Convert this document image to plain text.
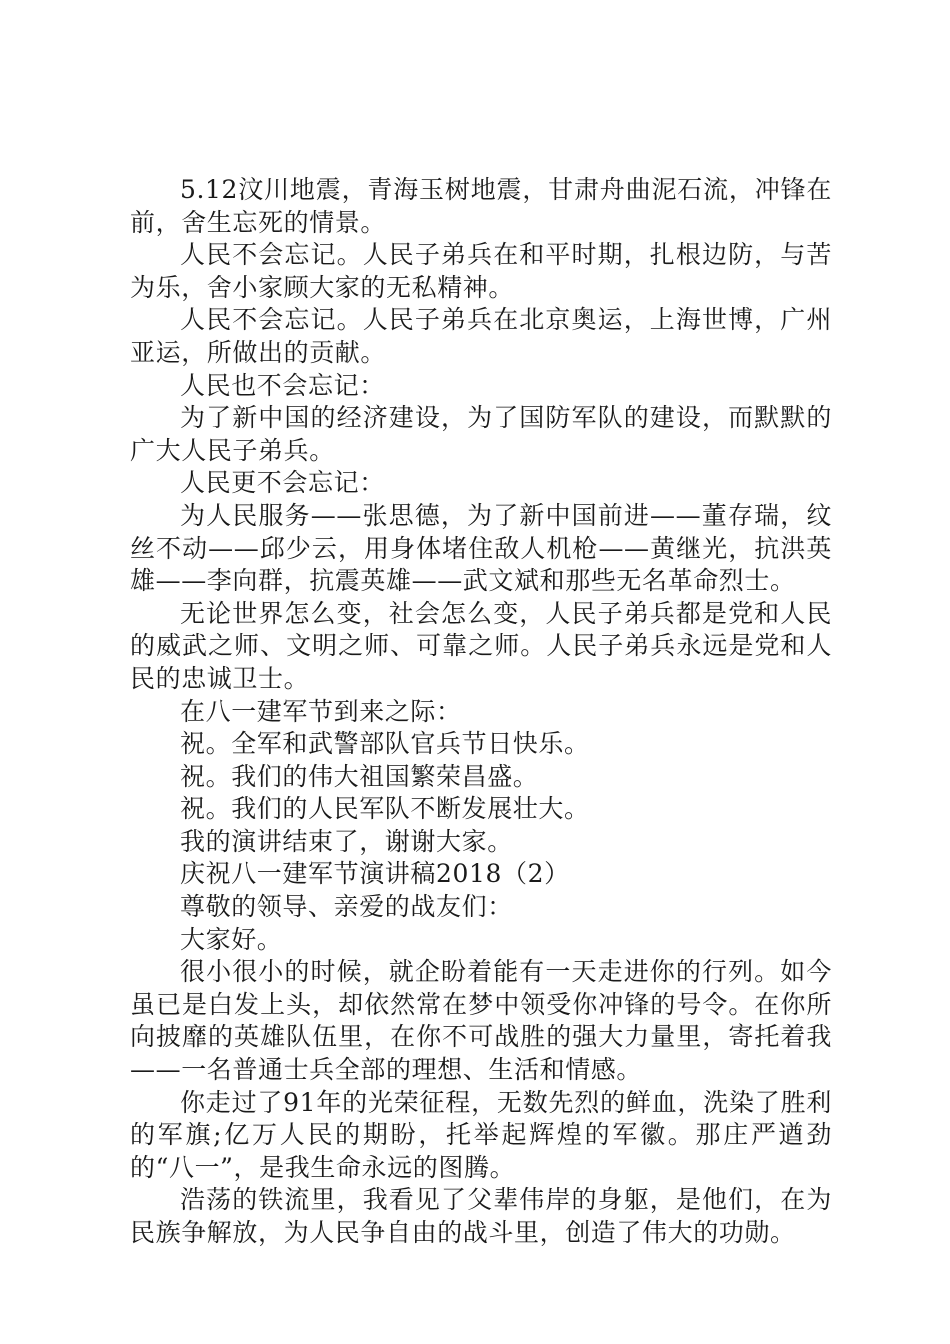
5.12汶川地震，青海玉树地震，甘肃舟曲泥石流，冲锋在前，舍生忘死的情景。

人民不会忘记。人民子弟兵在和平时期，扎根边防，与苦为乐，舍小家顾大家的无私精神。

人民不会忘记。人民子弟兵在北京奥运，上海世博，广州亚运，所做出的贡献。

人民也不会忘记：

为了新中国的经济建设，为了国防军队的建设，而默默的广大人民子弟兵。

人民更不会忘记：

为人民服务——张思德，为了新中国前进——董存瑞，纹丝不动——邱少云，用身体堵住敌人机枪——黄继光，抗洪英雄——李向群，抗震英雄——武文斌和那些无名革命烈士。

无论世界怎么变，社会怎么变，人民子弟兵都是党和人民的威武之师、文明之师、可靠之师。人民子弟兵永远是党和人民的忠诚卫士。

在八一建军节到来之际：

祝。全军和武警部队官兵节日快乐。

祝。我们的伟大祖国繁荣昌盛。

祝。我们的人民军队不断发展壮大。

我的演讲结束了，谢谢大家。

庆祝八一建军节演讲稿2018（2）

尊敬的领导、亲爱的战友们：

大家好。

很小很小的时候，就企盼着能有一天走进你的行列。如今虽已是白发上头，却依然常在梦中领受你冲锋的号令。在你所向披靡的英雄队伍里，在你不可战胜的强大力量里，寄托着我——一名普通士兵全部的理想、生活和情感。

你走过了91年的光荣征程，无数先烈的鲜血，洗染了胜利的军旗;亿万人民的期盼，托举起辉煌的军徽。那庄严遒劲的“八一”，是我生命永远的图腾。

浩荡的铁流里，我看见了父辈伟岸的身躯，是他们，在为民族争解放，为人民争自由的战斗里，创造了伟大的功勋。
